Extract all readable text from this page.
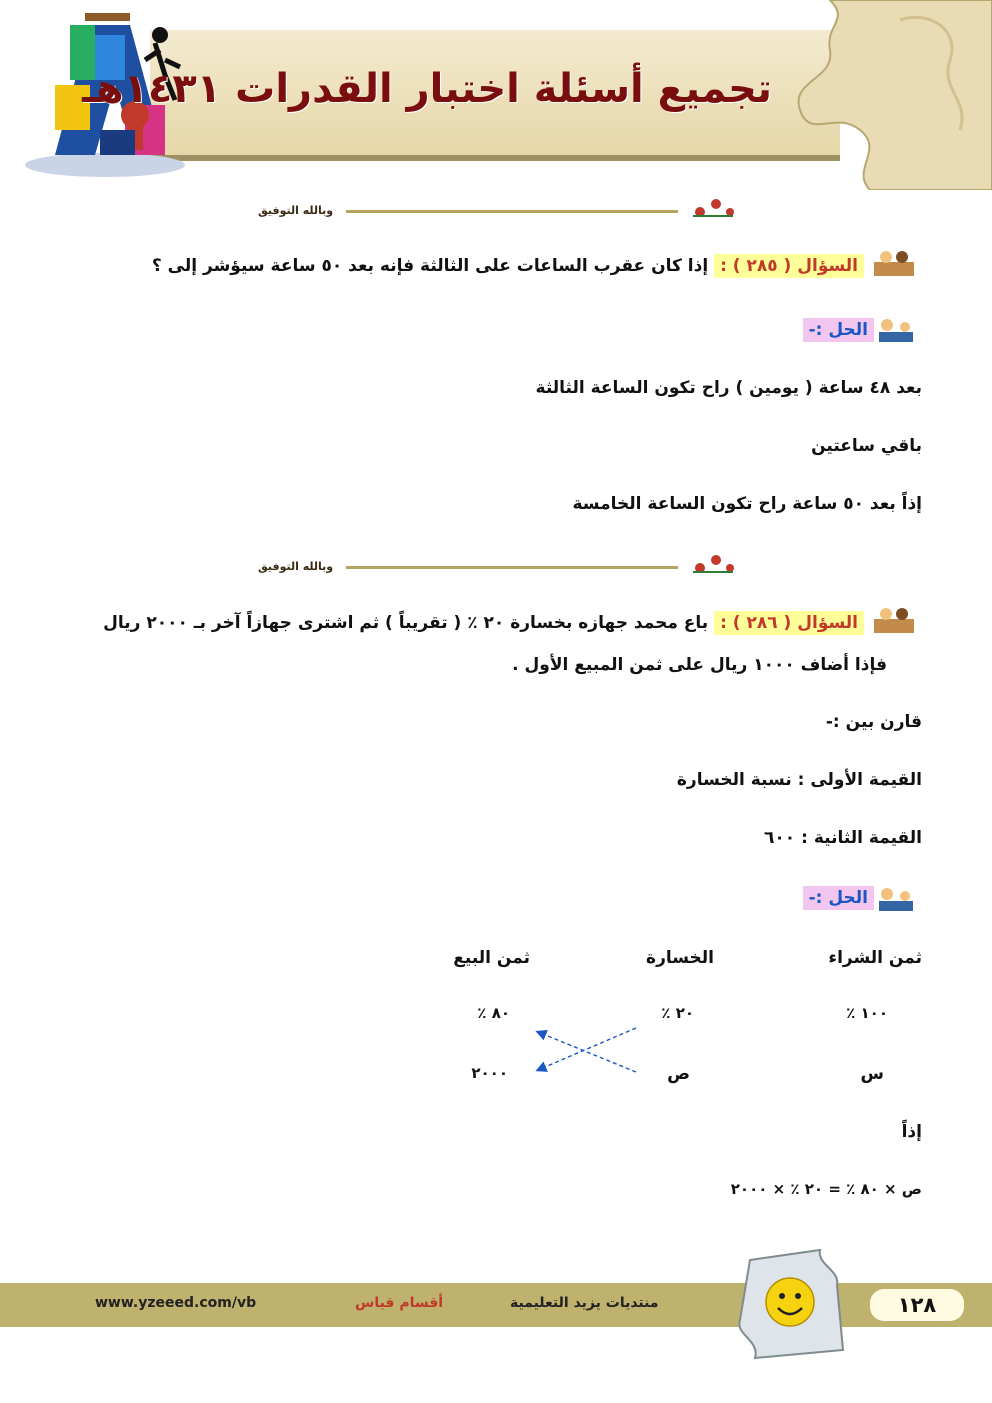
تجميع أسئلة اختبار القدرات ١٤٣١هـ
وبالله التوفيق
السؤال ( ٢٨٥ ) : إذا كان عقرب الساعات على الثالثة فإنه بعد ٥٠ ساعة سيؤشر إلى ؟
الحل :-
بعد ٤٨ ساعة ( يومين ) راح تكون الساعة الثالثة
باقي ساعتين
إذاً بعد ٥٠ ساعة راح تكون الساعة الخامسة
وبالله التوفيق
السؤال ( ٢٨٦ ) : باع محمد جهازه بخسارة ٢٠ ٪ ( تقريباً ) ثم اشترى جهازاً آخر بـ ٢٠٠٠ ريال
فإذا أضاف ١٠٠٠ ريال على ثمن المبيع الأول .
قارن بين :-
القيمة الأولى : نسبة الخسارة
القيمة الثانية : ٦٠٠
الحل :-
ثمن الشراء
الخسارة
ثمن البيع
١٠٠ ٪
٢٠ ٪
٨٠ ٪
س
ص
٢٠٠٠
إذاً
ص × ٨٠ ٪ = ٢٠ ٪ × ٢٠٠٠
١٢٨
منتديات يزيد التعليمية
أقسام قياس
www.yzeeed.com/vb
